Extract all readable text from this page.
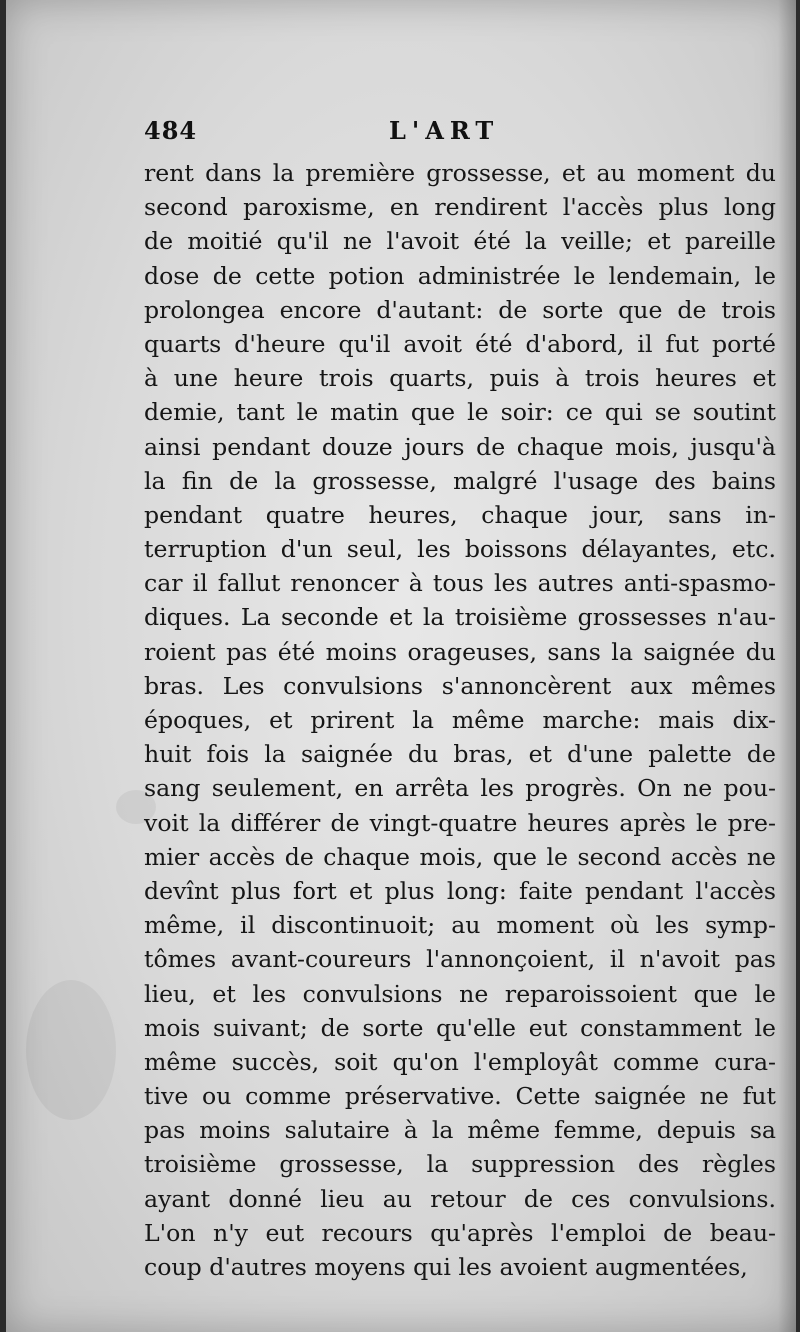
484	L'ART
rent dans la première grossesse, et au moment du
second paroxisme, en rendirent l'accès plus long
de moitié qu'il ne l'avoit été la veille; et pareille
dose de cette potion administrée le lendemain, le
prolongea encore d'autant: de sorte que de trois
quarts d'heure qu'il avoit été d'abord, il fut porté
à une heure trois quarts, puis à trois heures et
demie, tant le matin que le soir: ce qui se soutint
ainsi pendant douze jours de chaque mois, jusqu'à
la fin de la grossesse, malgré l'usage des bains
pendant quatre heures, chaque jour, sans in-
terruption d'un seul, les boissons délayantes, etc.
car il fallut renoncer à tous les autres anti-spasmo-
diques. La seconde et la troisième grossesses n'au-
roient pas été moins orageuses, sans la saignée du
bras. Les convulsions s'annoncèrent aux mêmes
époques, et prirent la même marche: mais dix-
huit fois la saignée du bras, et d'une palette de
sang seulement, en arrêta les progrès. On ne pou-
voit la différer de vingt-quatre heures après le pre-
mier accès de chaque mois, que le second accès ne
devînt plus fort et plus long: faite pendant l'accès
même, il discontinuoit; au moment où les symp-
tômes avant-coureurs l'annonçoient, il n'avoit pas
lieu, et les convulsions ne reparoissoient que le
mois suivant; de sorte qu'elle eut constamment le
même succès, soit qu'on l'employât comme cura-
tive ou comme préservative. Cette saignée ne fut
pas moins salutaire à la même femme, depuis sa
troisième grossesse, la suppression des règles
ayant donné lieu au retour de ces convulsions.
L'on n'y eut recours qu'après l'emploi de beau-
coup d'autres moyens qui les avoient augmentées,
